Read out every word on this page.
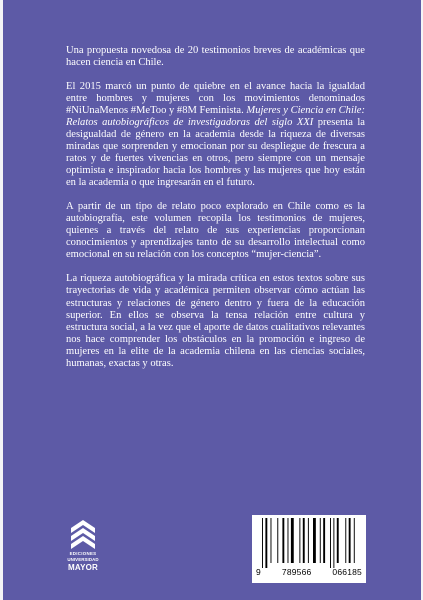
Una propuesta novedosa de 20 testimonios breves de académicas que hacen ciencia en Chile.

El 2015 marcó un punto de quiebre en el avance hacia la igualdad entre hombres y mujeres con los movimientos denominados #NiUnaMenos #MeToo y #8M Feminista. Mujeres y Ciencia en Chile: Relatos autobiográficos de investigadoras del siglo XXI presenta la desigualdad de género en la academia desde la riqueza de diversas miradas que sorprenden y emocionan por su despliegue de frescura a ratos y de fuertes vivencias en otros, pero siempre con un mensaje optimista e inspirador hacia los hombres y las mujeres que hoy están en la academia o que ingresarán en el futuro.

A partir de un tipo de relato poco explorado en Chile como es la autobiografía, este volumen recopila los testimonios de mujeres, quienes a través del relato de sus experiencias proporcionan conocimientos y aprendizajes tanto de su desarrollo intelectual como emocional en su relación con los conceptos “mujer-ciencia”.

La riqueza autobiográfica y la mirada crítica en estos textos sobre sus trayectorias de vida y académica permiten observar cómo actúan las estructuras y relaciones de género dentro y fuera de la educación superior. En ellos se observa la tensa relación entre cultura y estructura social, a la vez que el aporte de datos cualitativos relevantes nos hace comprender los obstáculos en la promoción e ingreso de mujeres en la elite de la academia chilena en las ciencias sociales, humanas, exactas y otras.

EDICIONES
UNIVERSIDAD
MAYOR	9 789566 066185
